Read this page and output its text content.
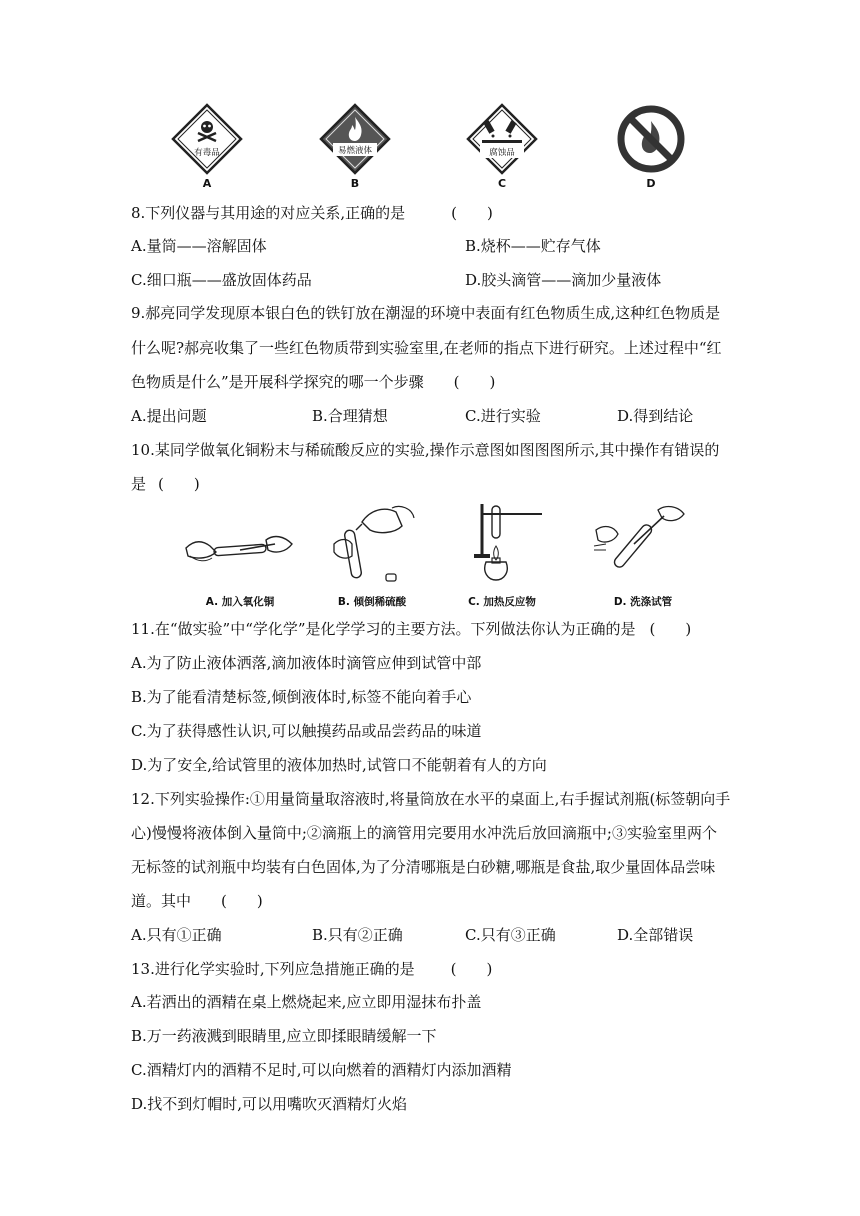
有毒品
A
易燃液体
B
腐蚀品
C	D
8.下列仪器与其用途的对应关系,正确的是	(　　)
A.量筒——溶解固体	B.烧杯——贮存气体
C.细口瓶——盛放固体药品	D.胶头滴管——滴加少量液体
9.郝亮同学发现原本银白色的铁钉放在潮湿的环境中表面有红色物质生成,这种红色物质是
什么呢?郝亮收集了一些红色物质带到实验室里,在老师的指点下进行研究。上述过程中“红
色物质是什么”是开展科学探究的哪一个步骤 (　　)
A.提出问题	B.合理猜想	C.进行实验	D.得到结论
10.某同学做氧化铜粉末与稀硫酸反应的实验,操作示意图如图图图所示,其中操作有错误的
是 (　　)
A. 加入氧化铜	B. 倾倒稀硫酸	C. 加热反应物	D. 洗涤试管
11.在“做实验”中“学化学”是化学学习的主要方法。下列做法你认为正确的是 (　　)
A.为了防止液体洒落,滴加液体时滴管应伸到试管中部
B.为了能看清楚标签,倾倒液体时,标签不能向着手心
C.为了获得感性认识,可以触摸药品或品尝药品的味道
D.为了安全,给试管里的液体加热时,试管口不能朝着有人的方向
12.下列实验操作:①用量筒量取溶液时,将量筒放在水平的桌面上,右手握试剂瓶(标签朝向手
心)慢慢将液体倒入量筒中;②滴瓶上的滴管用完要用水冲洗后放回滴瓶中;③实验室里两个
无标签的试剂瓶中均装有白色固体,为了分清哪瓶是白砂糖,哪瓶是食盐,取少量固体品尝味
道。其中 (　　)
A.只有①正确	B.只有②正确	C.只有③正确	D.全部错误
13.进行化学实验时,下列应急措施正确的是 (　　)
A.若洒出的酒精在桌上燃烧起来,应立即用湿抹布扑盖
B.万一药液溅到眼睛里,应立即揉眼睛缓解一下
C.酒精灯内的酒精不足时,可以向燃着的酒精灯内添加酒精
D.找不到灯帽时,可以用嘴吹灭酒精灯火焰
